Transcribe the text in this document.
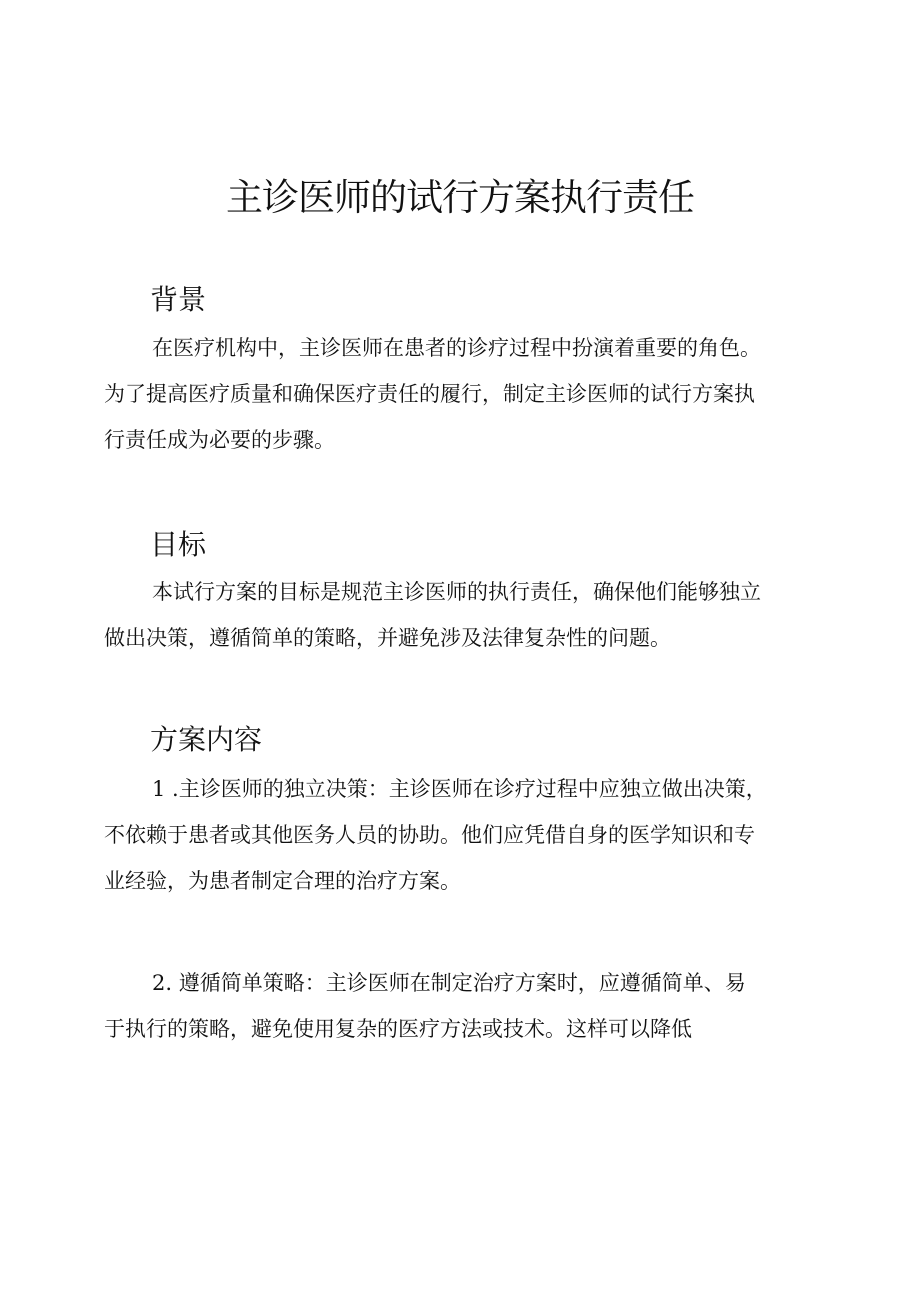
主诊医师的试行方案执行责任
背景
在医疗机构中，主诊医师在患者的诊疗过程中扮演着重要的角色。
为了提高医疗质量和确保医疗责任的履行，制定主诊医师的试行方案执
行责任成为必要的步骤。
目标
本试行方案的目标是规范主诊医师的执行责任，确保他们能够独立
做出决策，遵循简单的策略，并避免涉及法律复杂性的问题。
方案内容
1 .主诊医师的独立决策：主诊医师在诊疗过程中应独立做出决策，
不依赖于患者或其他医务人员的协助。他们应凭借自身的医学知识和专
业经验，为患者制定合理的治疗方案。
2. 遵循简单策略：主诊医师在制定治疗方案时，应遵循简单、易
于执行的策略，避免使用复杂的医疗方法或技术。这样可以降低
